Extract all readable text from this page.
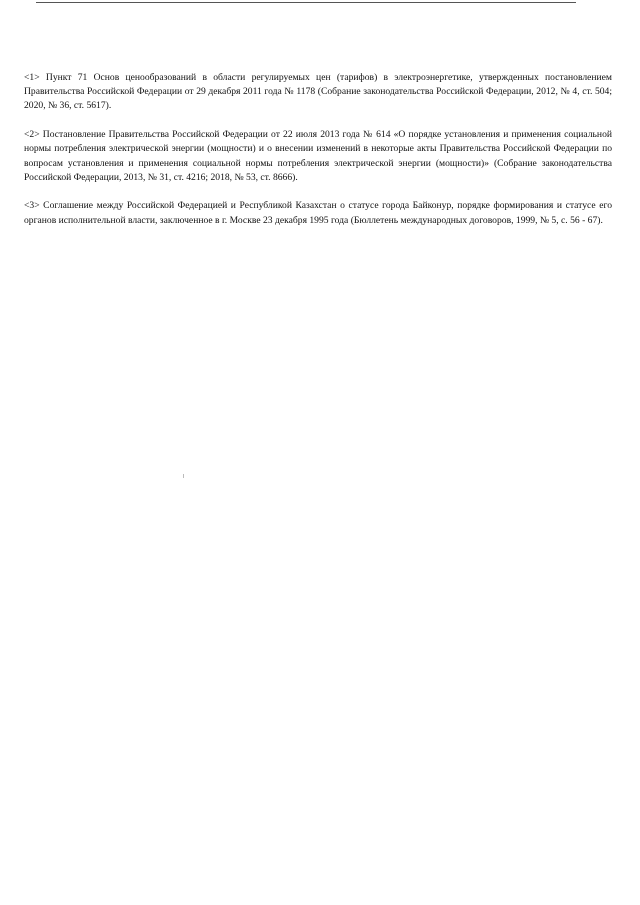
<1> Пункт 71 Основ ценообразований в области регулируемых цен (тарифов) в электроэнергетике, утвержденных постановлением Правительства Российской Федерации от 29 декабря 2011 года № 1178 (Собрание законодательства Российской Федерации, 2012, № 4, ст. 504; 2020, № 36, ст. 5617).

<2> Постановление Правительства Российской Федерации от 22 июля 2013 года № 614 «О порядке установления и применения социальной нормы потребления электрической энергии (мощности) и о внесении изменений в некоторые акты Правительства Российской Федерации по вопросам установления и применения социальной нормы потребления электрической энергии (мощности)» (Собрание законодательства Российской Федерации, 2013, № 31, ст. 4216; 2018, № 53, ст. 8666).

<3> Соглашение между Российской Федерацией и Республикой Казахстан о статусе города Байконур, порядке формирования и статусе его органов исполнительной власти, заключенное в г. Москве 23 декабря 1995 года (Бюллетень международных договоров, 1999, № 5, с. 56 - 67).
